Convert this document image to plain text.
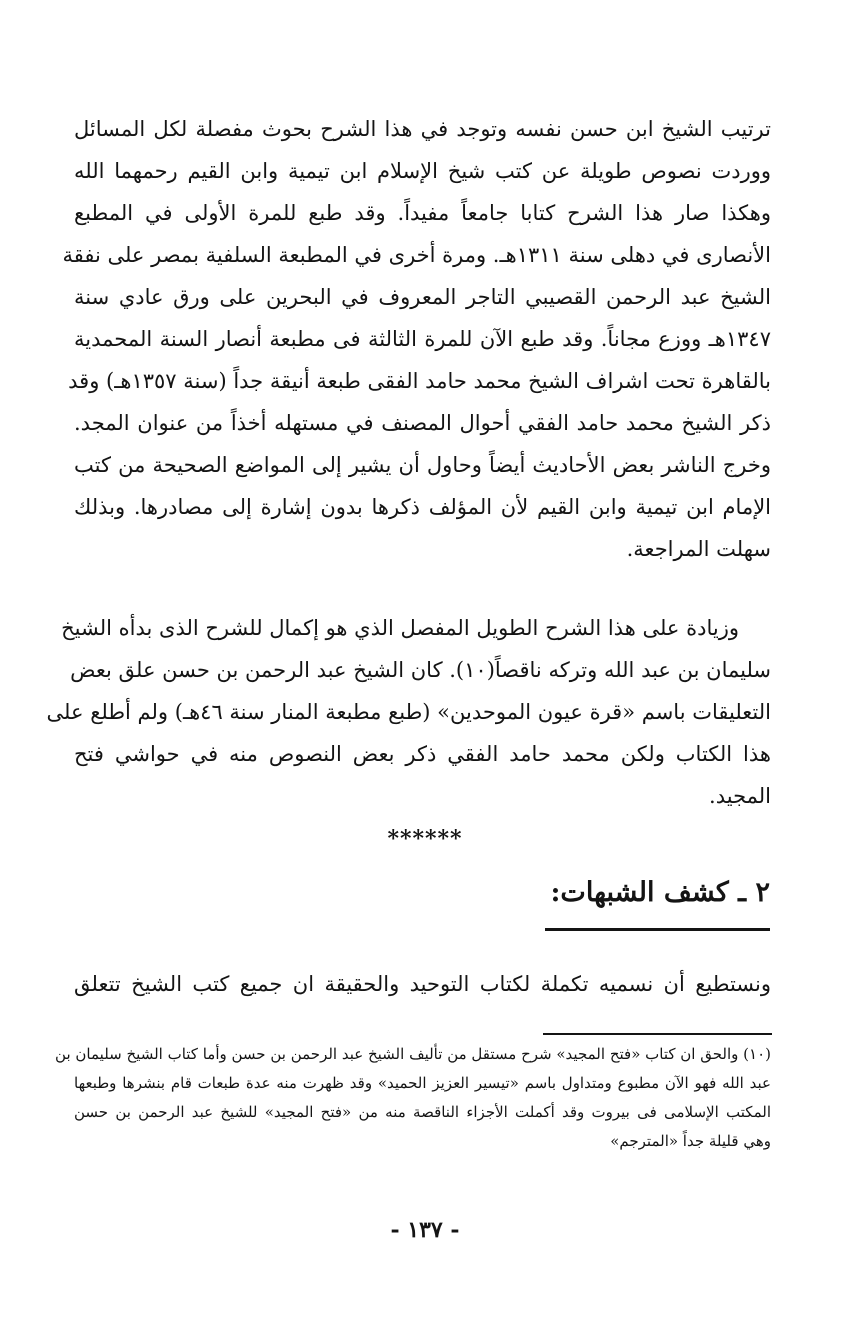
ترتيب الشيخ ابن حسن نفسه وتوجد في هذا الشرح بحوث مفصلة لكل المسائل
ووردت نصوص طويلة عن كتب شيخ الإسلام ابن تيمية وابن القيم رحمهما الله
وهكذا صار هذا الشرح كتابا جامعاً مفيداً. وقد طبع للمرة الأولى في المطبع
الأنصارى في دهلى سنة ١٣١١هـ. ومرة أخرى في المطبعة السلفية بمصر على نفقة
الشيخ عبد الرحمن القصيبي التاجر المعروف في البحرين على ورق عادي سنة
١٣٤٧هـ ووزع مجاناً. وقد طبع الآن للمرة الثالثة فى مطبعة أنصار السنة المحمدية
بالقاهرة تحت اشراف الشيخ محمد حامد الفقى طبعة أنيقة جداً (سنة ١٣٥٧هـ) وقد
ذكر الشيخ محمد حامد الفقي أحوال المصنف في مستهله أخذاً من عنوان المجد.
وخرج الناشر بعض الأحاديث أيضاً وحاول أن يشير إلى المواضع الصحيحة من كتب
الإمام ابن تيمية وابن القيم لأن المؤلف ذكرها بدون إشارة إلى مصادرها. وبذلك
سهلت المراجعة.
وزيادة على هذا الشرح الطويل المفصل الذي هو إكمال للشرح الذى بدأه الشيخ
سليمان بن عبد الله وتركه ناقصاً(١٠). كان الشيخ عبد الرحمن بن حسن علق بعض
التعليقات باسم «قرة عيون الموحدين» (طبع مطبعة المنار سنة ٤٦هـ) ولم أطلع على
هذا الكتاب ولكن محمد حامد الفقي ذكر بعض النصوص منه في حواشي فتح
المجيد.
******
٢ ـ كشف الشبهات:
ونستطيع أن نسميه تكملة لكتاب التوحيد والحقيقة ان جميع كتب الشيخ تتعلق
(١٠) والحق ان كتاب «فتح المجيد» شرح مستقل من تأليف الشيخ عبد الرحمن بن حسن وأما كتاب الشيخ سليمان بن
عبد الله فهو الآن مطبوع ومتداول باسم «تيسير العزيز الحميد» وقد ظهرت منه عدة طبعات قام بنشرها وطبعها
المكتب الإسلامى فى بيروت وقد أكملت الأجزاء الناقصة منه من «فتح المجيد» للشيخ عبد الرحمن بن حسن
وهي قليلة جداً «المترجم»
- ١٣٧ -
